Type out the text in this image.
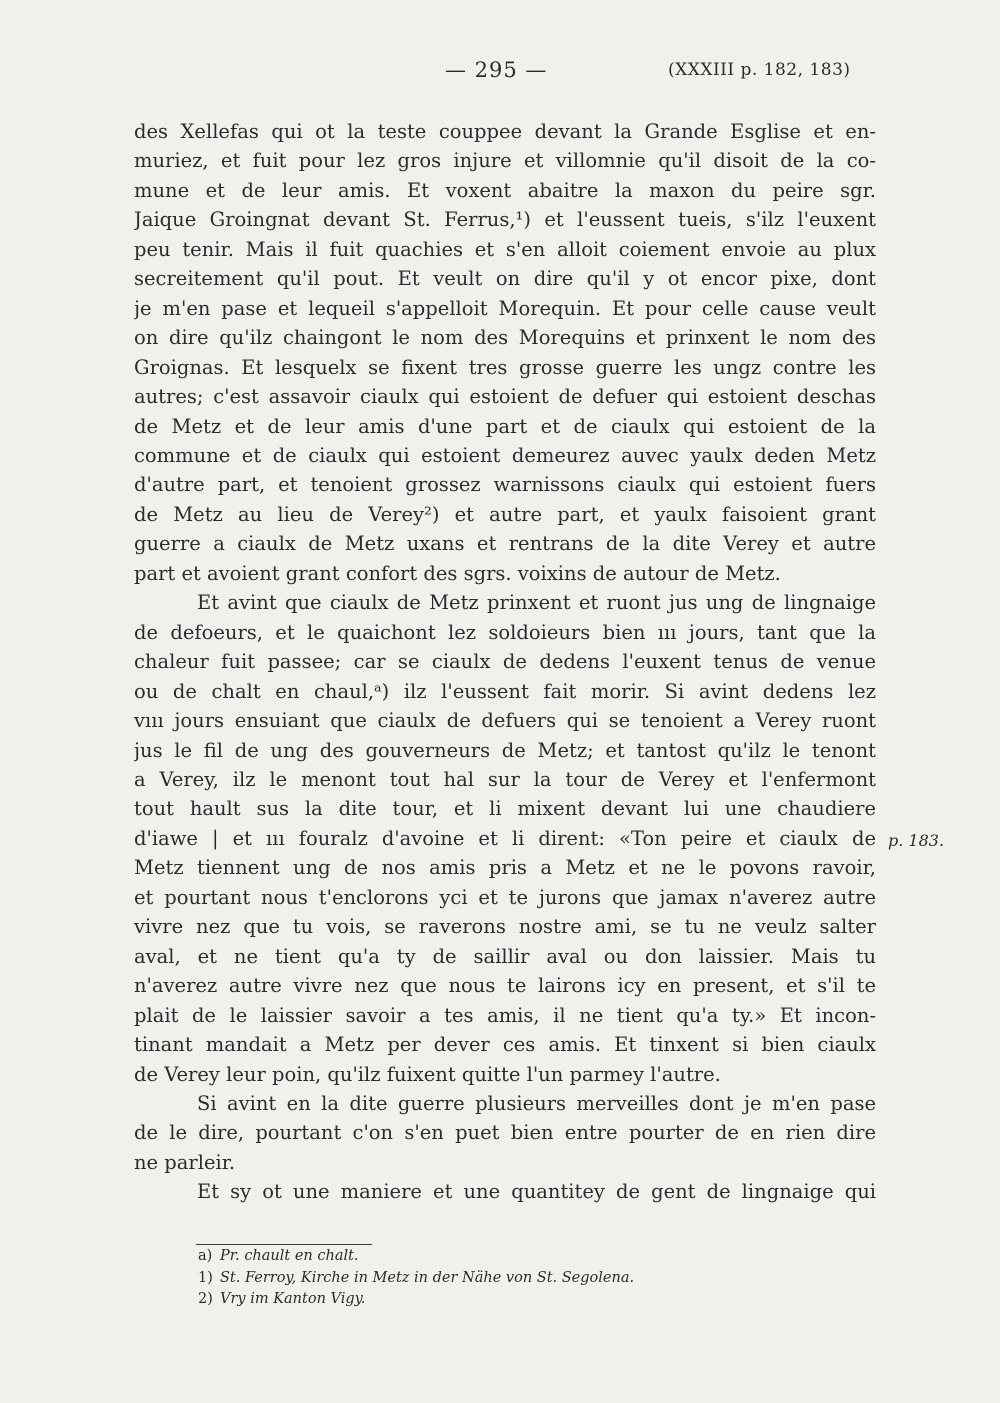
— 295 —	(XXXIII p. 182, 183)
des Xellefas qui ot la teste couppee devant la Grande Esglise et en-
muriez, et fuit pour lez gros injure et villomnie qu'il disoit de la co-
mune et de leur amis. Et voxent abaitre la maxon du peire sgr.
Jaique Groingnat devant St. Ferrus,¹) et l'eussent tueis, s'ilz l'euxent
peu tenir. Mais il fuit quachies et s'en alloit coiement envoie au plux
secreitement qu'il pout. Et veult on dire qu'il y ot encor pixe, dont
je m'en pase et lequeil s'appelloit Morequin. Et pour celle cause veult
on dire qu'ilz chaingont le nom des Morequins et prinxent le nom des
Groignas. Et lesquelx se fixent tres grosse guerre les ungz contre les
autres; c'est assavoir ciaulx qui estoient de defuer qui estoient deschas
de Metz et de leur amis d'une part et de ciaulx qui estoient de la
commune et de ciaulx qui estoient demeurez auvec yaulx deden Metz
d'autre part, et tenoient grossez warnissons ciaulx qui estoient fuers
de Metz au lieu de Verey²) et autre part, et yaulx faisoient grant
guerre a ciaulx de Metz uxans et rentrans de la dite Verey et autre
part et avoient grant confort des sgrs. voixins de autour de Metz.
Et avint que ciaulx de Metz prinxent et ruont jus ung de lingnaige
de defoeurs, et le quaichont lez soldoieurs bien ııı jours, tant que la
chaleur fuit passee; car se ciaulx de dedens l'euxent tenus de venue
ou de chalt en chaul,ᵃ) ilz l'eussent fait morir. Si avint dedens lez
vııı jours ensuiant que ciaulx de defuers qui se tenoient a Verey ruont
jus le fil de ung des gouverneurs de Metz; et tantost qu'ilz le tenont
a Verey, ilz le menont tout hal sur la tour de Verey et l'enfermont
tout hault sus la dite tour, et li mixent devant lui une chaudiere
d'iawe | et ııı fouralz d'avoine et li dirent: «Ton peire et ciaulx de
Metz tiennent ung de nos amis pris a Metz et ne le povons ravoir,
et pourtant nous t'enclorons yci et te jurons que jamax n'averez autre
vivre nez que tu vois, se raverons nostre ami, se tu ne veulz salter
aval, et ne tient qu'a ty de saillir aval ou don laissier. Mais tu
n'averez autre vivre nez que nous te lairons icy en present, et s'il te
plait de le laissier savoir a tes amis, il ne tient qu'a ty.» Et incon-
tinant mandait a Metz per dever ces amis. Et tinxent si bien ciaulx
de Verey leur poin, qu'ilz fuixent quitte l'un parmey l'autre.
Si avint en la dite guerre plusieurs merveilles dont je m'en pase
de le dire, pourtant c'on s'en puet bien entre pourter de en rien dire
ne parleir.
Et sy ot une maniere et une quantitey de gent de lingnaige qui
p. 183.
a) Pr. chault en chalt.
1) St. Ferroy, Kirche in Metz in der Nähe von St. Segolena.
2) Vry im Kanton Vigy.
